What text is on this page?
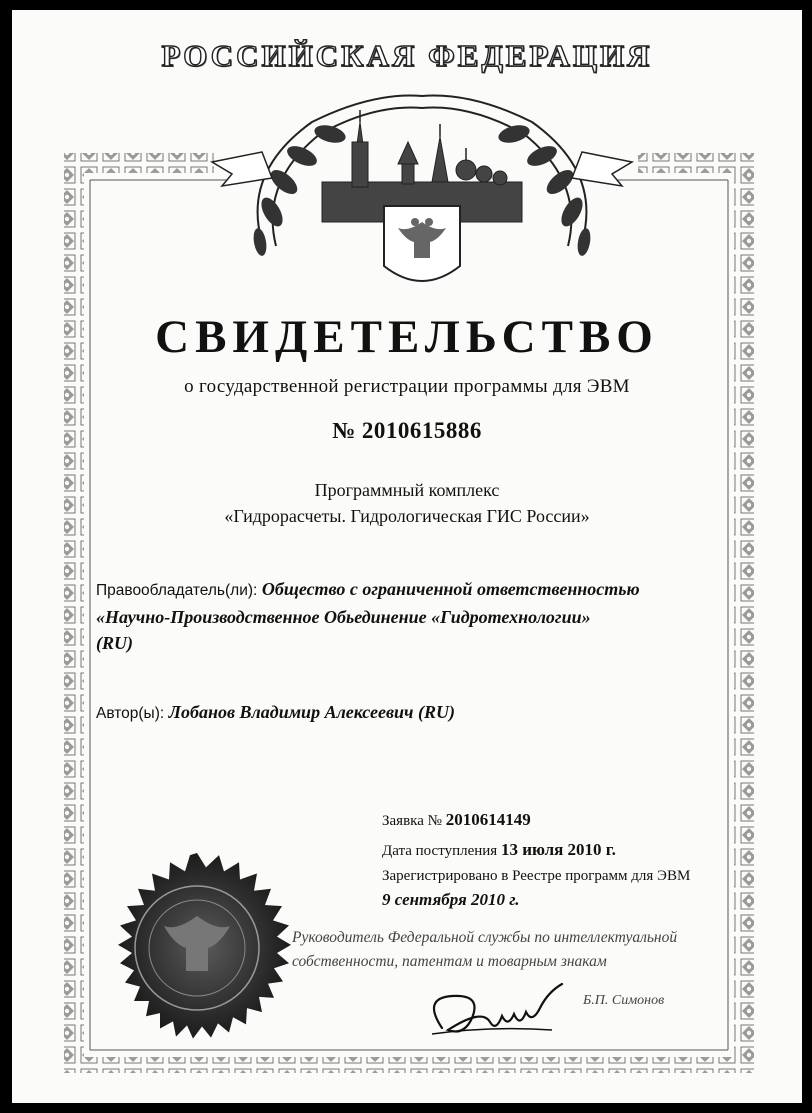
РОССИЙСКАЯ ФЕДЕРАЦИЯ
СВИДЕТЕЛЬСТВО
о государственной регистрации программы для ЭВМ
№ 2010615886
Программный комплекс
«Гидрорасчеты. Гидрологическая ГИС России»
Правообладатель(ли): Общество с ограниченной ответственностью
«Научно-Производственное Обьединение «Гидротехнологии»
(RU)
Автор(ы): Лобанов Владимир Алексеевич (RU)
Заявка № 2010614149
Дата поступления 13 июля 2010 г.
Зарегистрировано в Реестре программ для ЭВМ
9 сентября 2010 г.
Руководитель Федеральной службы по интеллектуальной
собственности, патентам и товарным знакам
Б.П. Симонов
